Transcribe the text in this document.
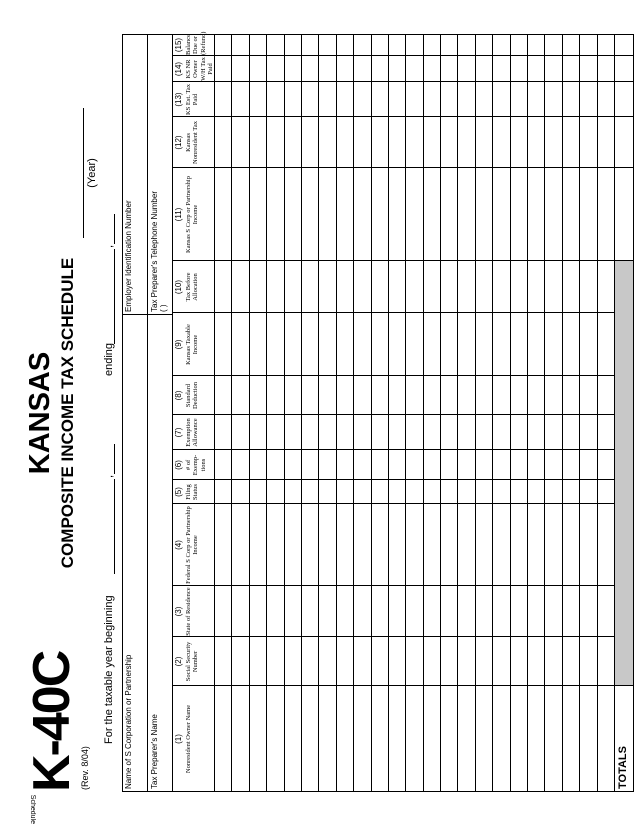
Schedule
K-40C (Rev. 8/04)
KANSAS COMPOSITE INCOME TAX SCHEDULE
(Year)
For the taxable year beginning
,
ending
,
Name of S Corporation or Partnership
Employer Identification Number
Tax Preparer's Name
Tax Preparer's Telephone Number ( )
TOTALS
(1) Nonresident Owner Name
(2) Social Security Number
(3) State of Residence
(4) Federal S Corp or Partnership Income
(5) Filing Status
(6) # of Exemp-tions
(7) Exemption Allowance
(8) Standard Deduction
(9) Kansas Taxable Income
(10) Tax Before Allocation
(11) Kansas S Corp or Partnership Income
(12) Kansas Nonresident Tax
(13) KS Est. Tax Paid
(14) KS NR Owner W/H Tax Paid
(15) Balance Due or (Refund)
